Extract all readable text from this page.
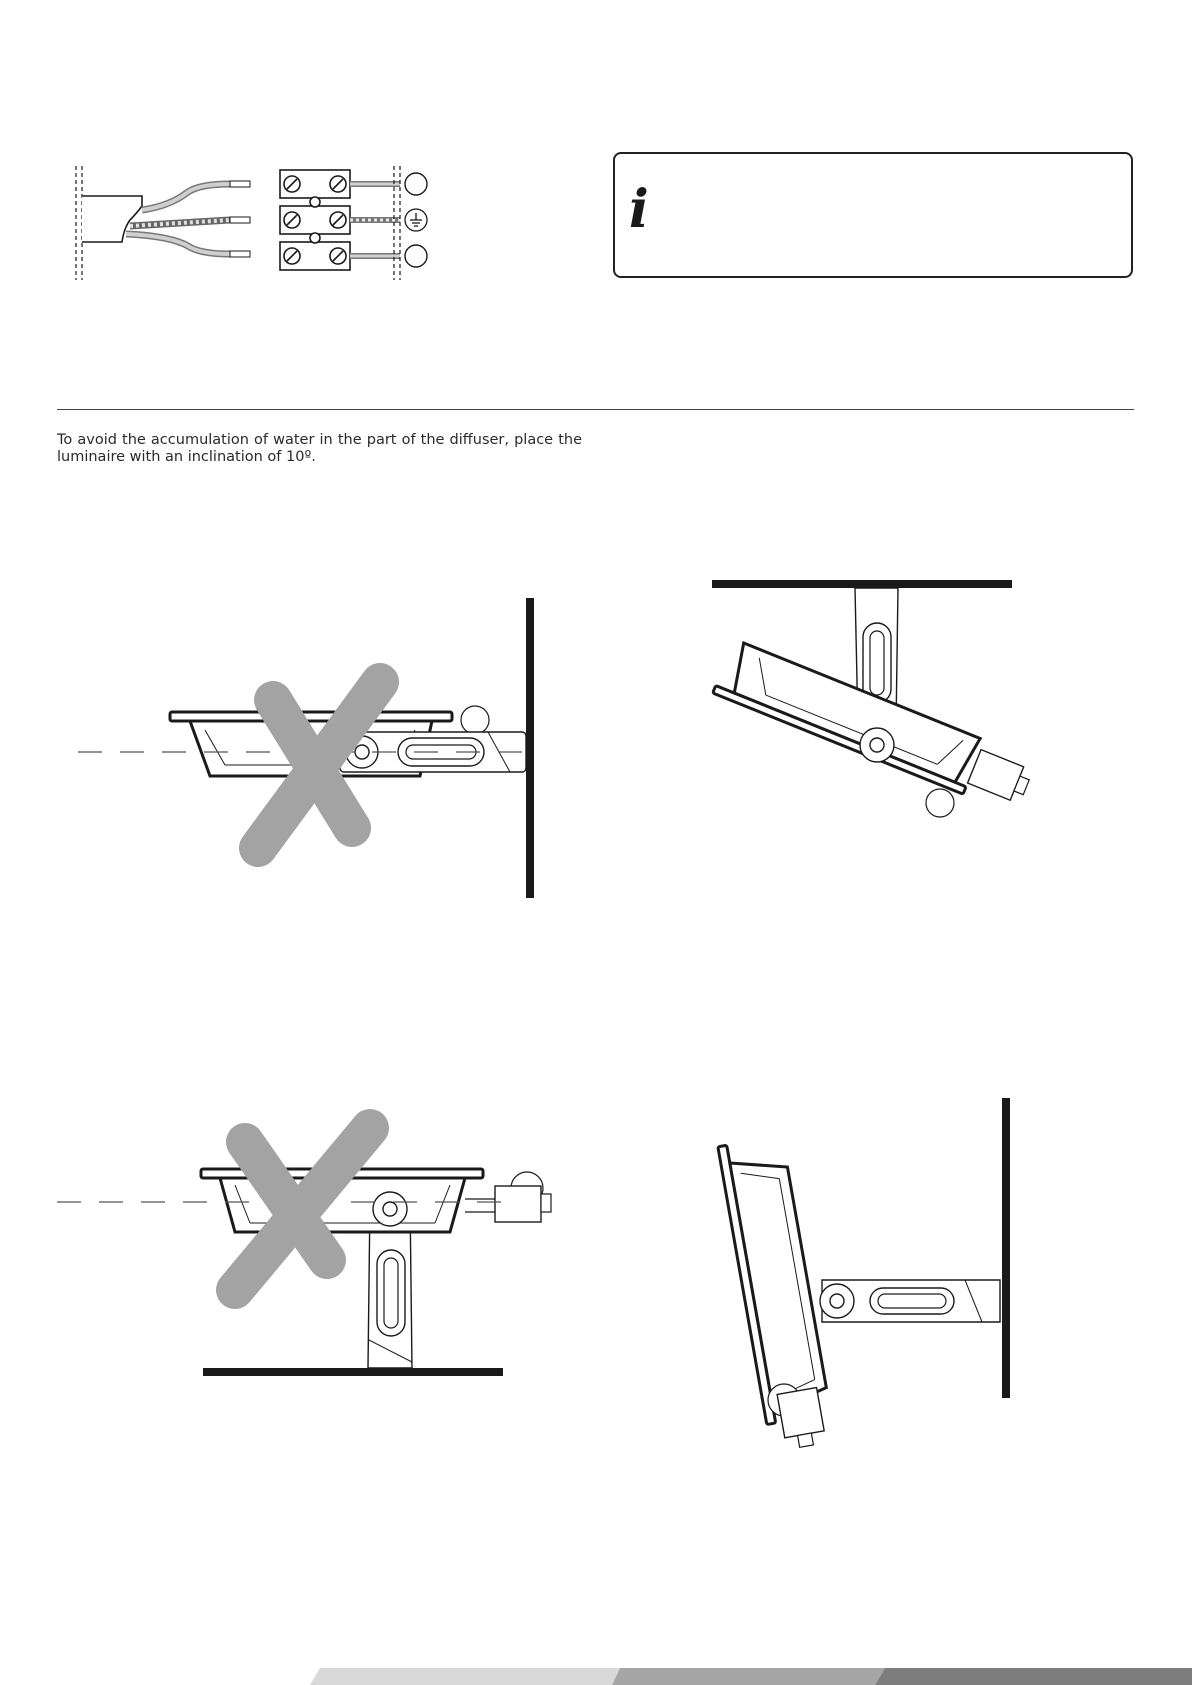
i

To avoid the accumulation of water in the part of the diffuser, place the luminaire with an inclination of 10º.
